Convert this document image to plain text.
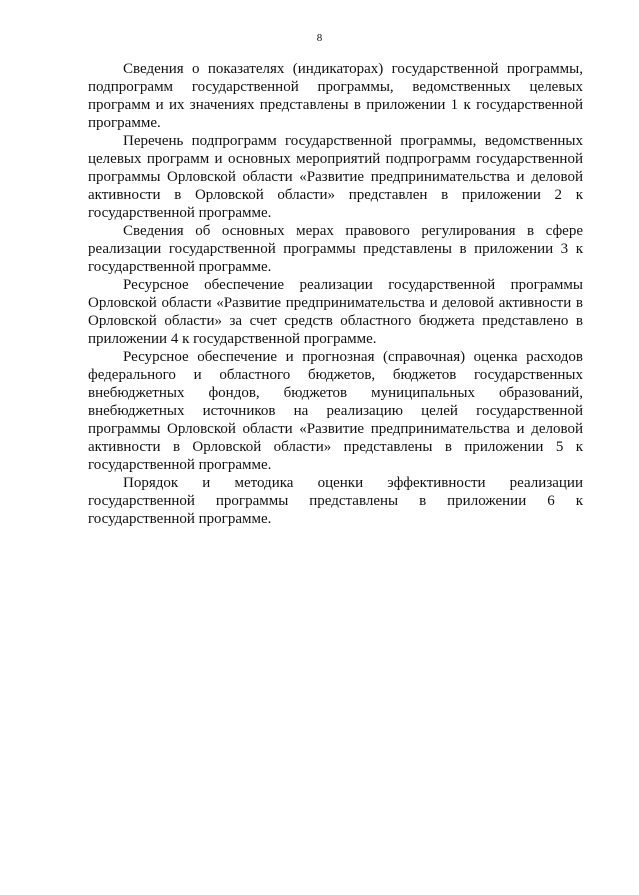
8

Сведения о показателях (индикаторах) государственной программы, подпрограмм государственной программы, ведомственных целевых программ и их значениях представлены в приложении 1 к государственной программе.

Перечень подпрограмм государственной программы, ведомственных целевых программ и основных мероприятий подпрограмм государственной программы Орловской области «Развитие предпринимательства и деловой активности в Орловской области» представлен в приложении 2 к государственной программе.

Сведения об основных мерах правового регулирования в сфере реализации государственной программы представлены в приложении 3 к государственной программе.

Ресурсное обеспечение реализации государственной программы Орловской области «Развитие предпринимательства и деловой активности в Орловской области» за счет средств областного бюджета представлено в приложении 4 к государственной программе.

Ресурсное обеспечение и прогнозная (справочная) оценка расходов федерального и областного бюджетов, бюджетов государственных внебюджетных фондов, бюджетов муниципальных образований, внебюджетных источников на реализацию целей государственной программы Орловской области «Развитие предпринимательства и деловой активности в Орловской области» представлены в приложении 5 к государственной программе.

Порядок и методика оценки эффективности реализации государственной программы представлены в приложении 6 к государственной программе.
